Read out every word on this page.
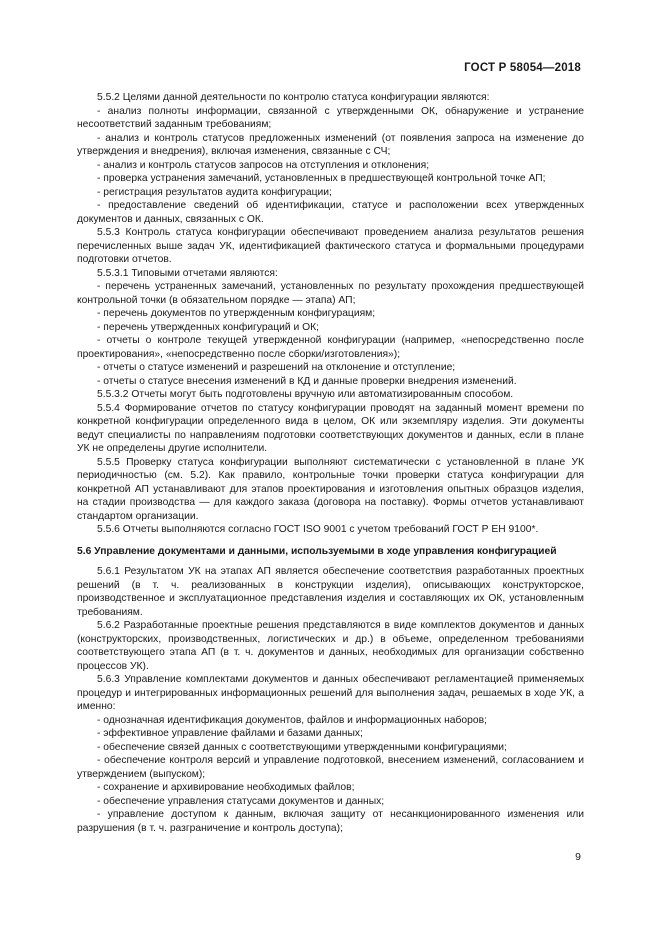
ГОСТ Р 58054—2018

5.5.2 Целями данной деятельности по контролю статуса конфигурации являются:

- анализ полноты информации, связанной с утвержденными ОК, обнаружение и устранение несоответствий заданным требованиям;

- анализ и контроль статусов предложенных изменений (от появления запроса на изменение до утверждения и внедрения), включая изменения, связанные с СЧ;

- анализ и контроль статусов запросов на отступления и отклонения;

- проверка устранения замечаний, установленных в предшествующей контрольной точке АП;

- регистрация результатов аудита конфигурации;

- предоставление сведений об идентификации, статусе и расположении всех утвержденных документов и данных, связанных с ОК.

5.5.3 Контроль статуса конфигурации обеспечивают проведением анализа результатов решения перечисленных выше задач УК, идентификацией фактического статуса и формальными процедурами подготовки отчетов.

5.5.3.1 Типовыми отчетами являются:

- перечень устраненных замечаний, установленных по результату прохождения предшествующей контрольной точки (в обязательном порядке — этапа) АП;

- перечень документов по утвержденным конфигурациям;

- перечень утвержденных конфигураций и ОК;

- отчеты о контроле текущей утвержденной конфигурации (например, «непосредственно после проектирования», «непосредственно после сборки/изготовления»);

- отчеты о статусе изменений и разрешений на отклонение и отступление;

- отчеты о статусе внесения изменений в КД и данные проверки внедрения изменений.

5.5.3.2 Отчеты могут быть подготовлены вручную или автоматизированным способом.

5.5.4 Формирование отчетов по статусу конфигурации проводят на заданный момент времени по конкретной конфигурации определенного вида в целом, ОК или экземпляру изделия. Эти документы ведут специалисты по направлениям подготовки соответствующих документов и данных, если в плане УК не определены другие исполнители.

5.5.5 Проверку статуса конфигурации выполняют систематически с установленной в плане УК периодичностью (см. 5.2). Как правило, контрольные точки проверки статуса конфигурации для конкретной АП устанавливают для этапов проектирования и изготовления опытных образцов изделия, на стадии производства — для каждого заказа (договора на поставку). Формы отчетов устанавливают стандартом организации.

5.5.6 Отчеты выполняются согласно ГОСТ ISO 9001 с учетом требований ГОСТ Р ЕН 9100*.

5.6 Управление документами и данными, используемыми в ходе управления конфигурацией

5.6.1 Результатом УК на этапах АП является обеспечение соответствия разработанных проектных решений (в т. ч. реализованных в конструкции изделия), описывающих конструкторское, производственное и эксплуатационное представления изделия и составляющих их ОК, установленным требованиям.

5.6.2 Разработанные проектные решения представляются в виде комплектов документов и данных (конструкторских, производственных, логистических и др.) в объеме, определенном требованиями соответствующего этапа АП (в т. ч. документов и данных, необходимых для организации собственно процессов УК).

5.6.3 Управление комплектами документов и данных обеспечивают регламентацией применяемых процедур и интегрированных информационных решений для выполнения задач, решаемых в ходе УК, а именно:

- однозначная идентификация документов, файлов и информационных наборов;

- эффективное управление файлами и базами данных;

- обеспечение связей данных с соответствующими утвержденными конфигурациями;

- обеспечение контроля версий и управление подготовкой, внесением изменений, согласованием и утверждением (выпуском);

- сохранение и архивирование необходимых файлов;

- обеспечение управления статусами документов и данных;

- управление доступом к данным, включая защиту от несанкционированного изменения или разрушения (в т. ч. разграничение и контроль доступа);

9
